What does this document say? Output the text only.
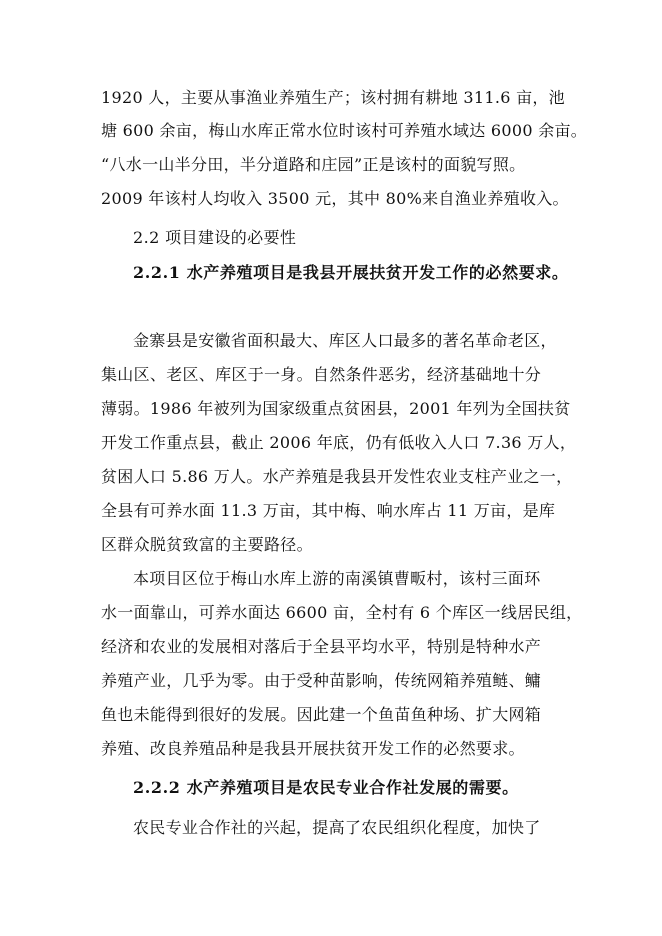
1920 人，主要从事渔业养殖生产；该村拥有耕地 311.6 亩，池
塘 600 余亩，梅山水库正常水位时该村可养殖水域达 6000 余亩。
“八水一山半分田，半分道路和庄园”正是该村的面貌写照。
2009 年该村人均收入 3500 元，其中 80%来自渔业养殖收入。
2.2 项目建设的必要性
2.2.1 水产养殖项目是我县开展扶贫开发工作的必然要求。
金寨县是安徽省面积最大、库区人口最多的著名革命老区，
集山区、老区、库区于一身。自然条件恶劣，经济基础地十分
薄弱。1986 年被列为国家级重点贫困县，2001 年列为全国扶贫
开发工作重点县，截止 2006 年底，仍有低收入人口 7.36 万人，
贫困人口 5.86 万人。水产养殖是我县开发性农业支柱产业之一，
全县有可养水面 11.3 万亩，其中梅、响水库占 11 万亩，是库
区群众脱贫致富的主要路径。
本项目区位于梅山水库上游的南溪镇曹畈村，该村三面环
水一面靠山，可养水面达 6600 亩，全村有 6 个库区一线居民组，
经济和农业的发展相对落后于全县平均水平，特别是特种水产
养殖产业，几乎为零。由于受种苗影响，传统网箱养殖鲢、鳙
鱼也未能得到很好的发展。因此建一个鱼苗鱼种场、扩大网箱
养殖、改良养殖品种是我县开展扶贫开发工作的必然要求。
2.2.2 水产养殖项目是农民专业合作社发展的需要。
农民专业合作社的兴起，提高了农民组织化程度，加快了
